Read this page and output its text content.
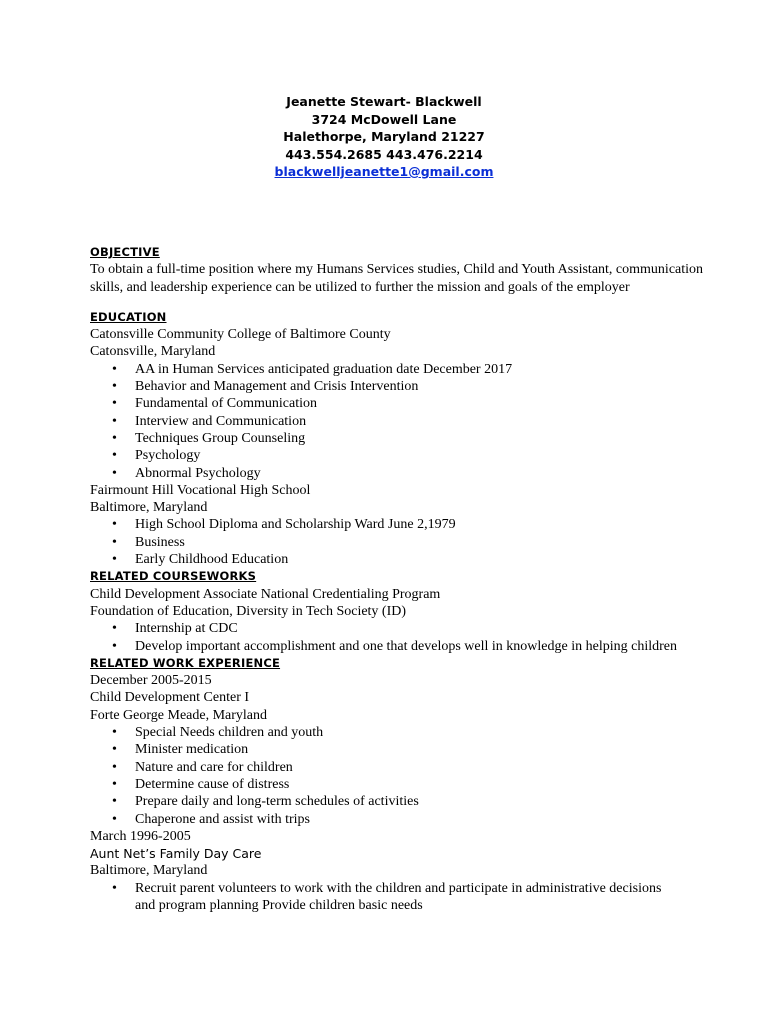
Jeanette Stewart- Blackwell
3724 McDowell Lane
Halethorpe, Maryland 21227
443.554.2685 443.476.2214
blackwelljeanette1@gmail.com
OBJECTIVE
To obtain a full-time position where my Humans Services studies, Child and Youth Assistant, communication skills, and leadership experience can be utilized to further the mission and goals of the employer
EDUCATION
Catonsville Community College of Baltimore County
Catonsville, Maryland
• AA in Human Services anticipated graduation date December 2017
• Behavior and Management and Crisis Intervention
• Fundamental of Communication
• Interview and Communication
• Techniques Group Counseling
• Psychology
• Abnormal Psychology
Fairmount Hill Vocational High School
Baltimore, Maryland
• High School Diploma and Scholarship Ward June 2,1979
• Business
• Early Childhood Education
RELATED COURSEWORKS
Child Development Associate National Credentialing Program
Foundation of Education, Diversity in Tech Society (ID)
• Internship at CDC
• Develop important accomplishment and one that develops well in knowledge in helping children
RELATED WORK EXPERIENCE
December 2005-2015
Child Development Center I
Forte George Meade, Maryland
• Special Needs children and youth
• Minister medication
• Nature and care for children
• Determine cause of distress
• Prepare daily and long-term schedules of activities
• Chaperone and assist with trips
March 1996-2005
Aunt Net’s Family Day Care
Baltimore, Maryland
• Recruit parent volunteers to work with the children and participate in administrative decisions and program planning Provide children basic needs
